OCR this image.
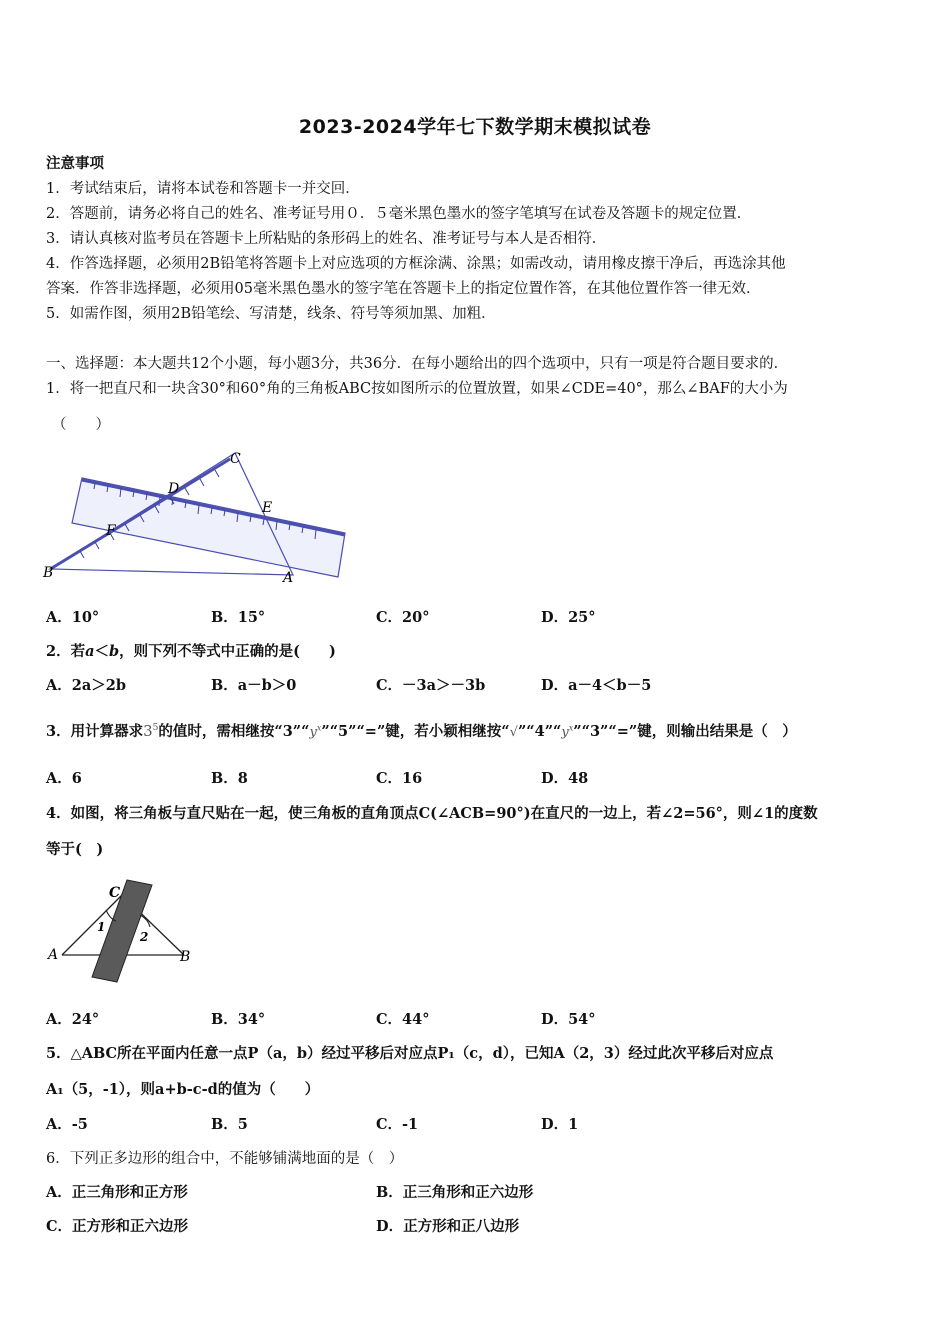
2023-2024学年七下数学期末模拟试卷
注意事项
1．考试结束后，请将本试卷和答题卡一并交回．
2．答题前，请务必将自己的姓名、准考证号用０．５毫米黑色墨水的签字笔填写在试卷及答题卡的规定位置．
3．请认真核对监考员在答题卡上所粘贴的条形码上的姓名、准考证号与本人是否相符．
4．作答选择题，必须用2B铅笔将答题卡上对应选项的方框涂满、涂黑；如需改动，请用橡皮擦干净后，再选涂其他
答案．作答非选择题，必须用05毫米黑色墨水的签字笔在答题卡上的指定位置作答，在其他位置作答一律无效．
5．如需作图，须用2B铅笔绘、写清楚，线条、符号等须加黑、加粗．
一、选择题：本大题共12个小题，每小题3分，共36分．在每小题给出的四个选项中，只有一项是符合题目要求的．
1．将一把直尺和一块含30°和60°角的三角板ABC按如图所示的位置放置，如果∠CDE=40°，那么∠BAF的大小为
（　　）
C
D
E
F
B	A
A．10°	B．15°	C．20°	D．25°
2．若a＜b，则下列不等式中正确的是(　　)
A．2a＞2b	B．a－b＞0	C．－3a＞－3b	D．a－4＜b－5
3．用计算器求$3^5$的值时，需相继按“$3”“y^x”“5”“=$”键，若小颖相继按“$√”“4”“y^x”“3”“=$”键，则输出结果是（　）
A．6	B．8	C．16	D．48
4．如图，将三角板与直尺贴在一起，使三角板的直角顶点C(∠ACB=90°)在直尺的一边上，若∠2=56°，则∠1的度数
等于(　)
C
A	B
1
2
A．24°	B．34°	C．44°	D．54°
5．△ABC所在平面内任意一点P（a，b）经过平移后对应点P₁（c，d），已知A（2，3）经过此次平移后对应点
A₁（5，-1），则a+b-c-d的值为（　　）
A．-5	B．5	C．-1	D．1
6．下列正多边形的组合中，不能够铺满地面的是（　）
A．正三角形和正方形	B．正三角形和正六边形
C．正方形和正六边形	D．正方形和正八边形
